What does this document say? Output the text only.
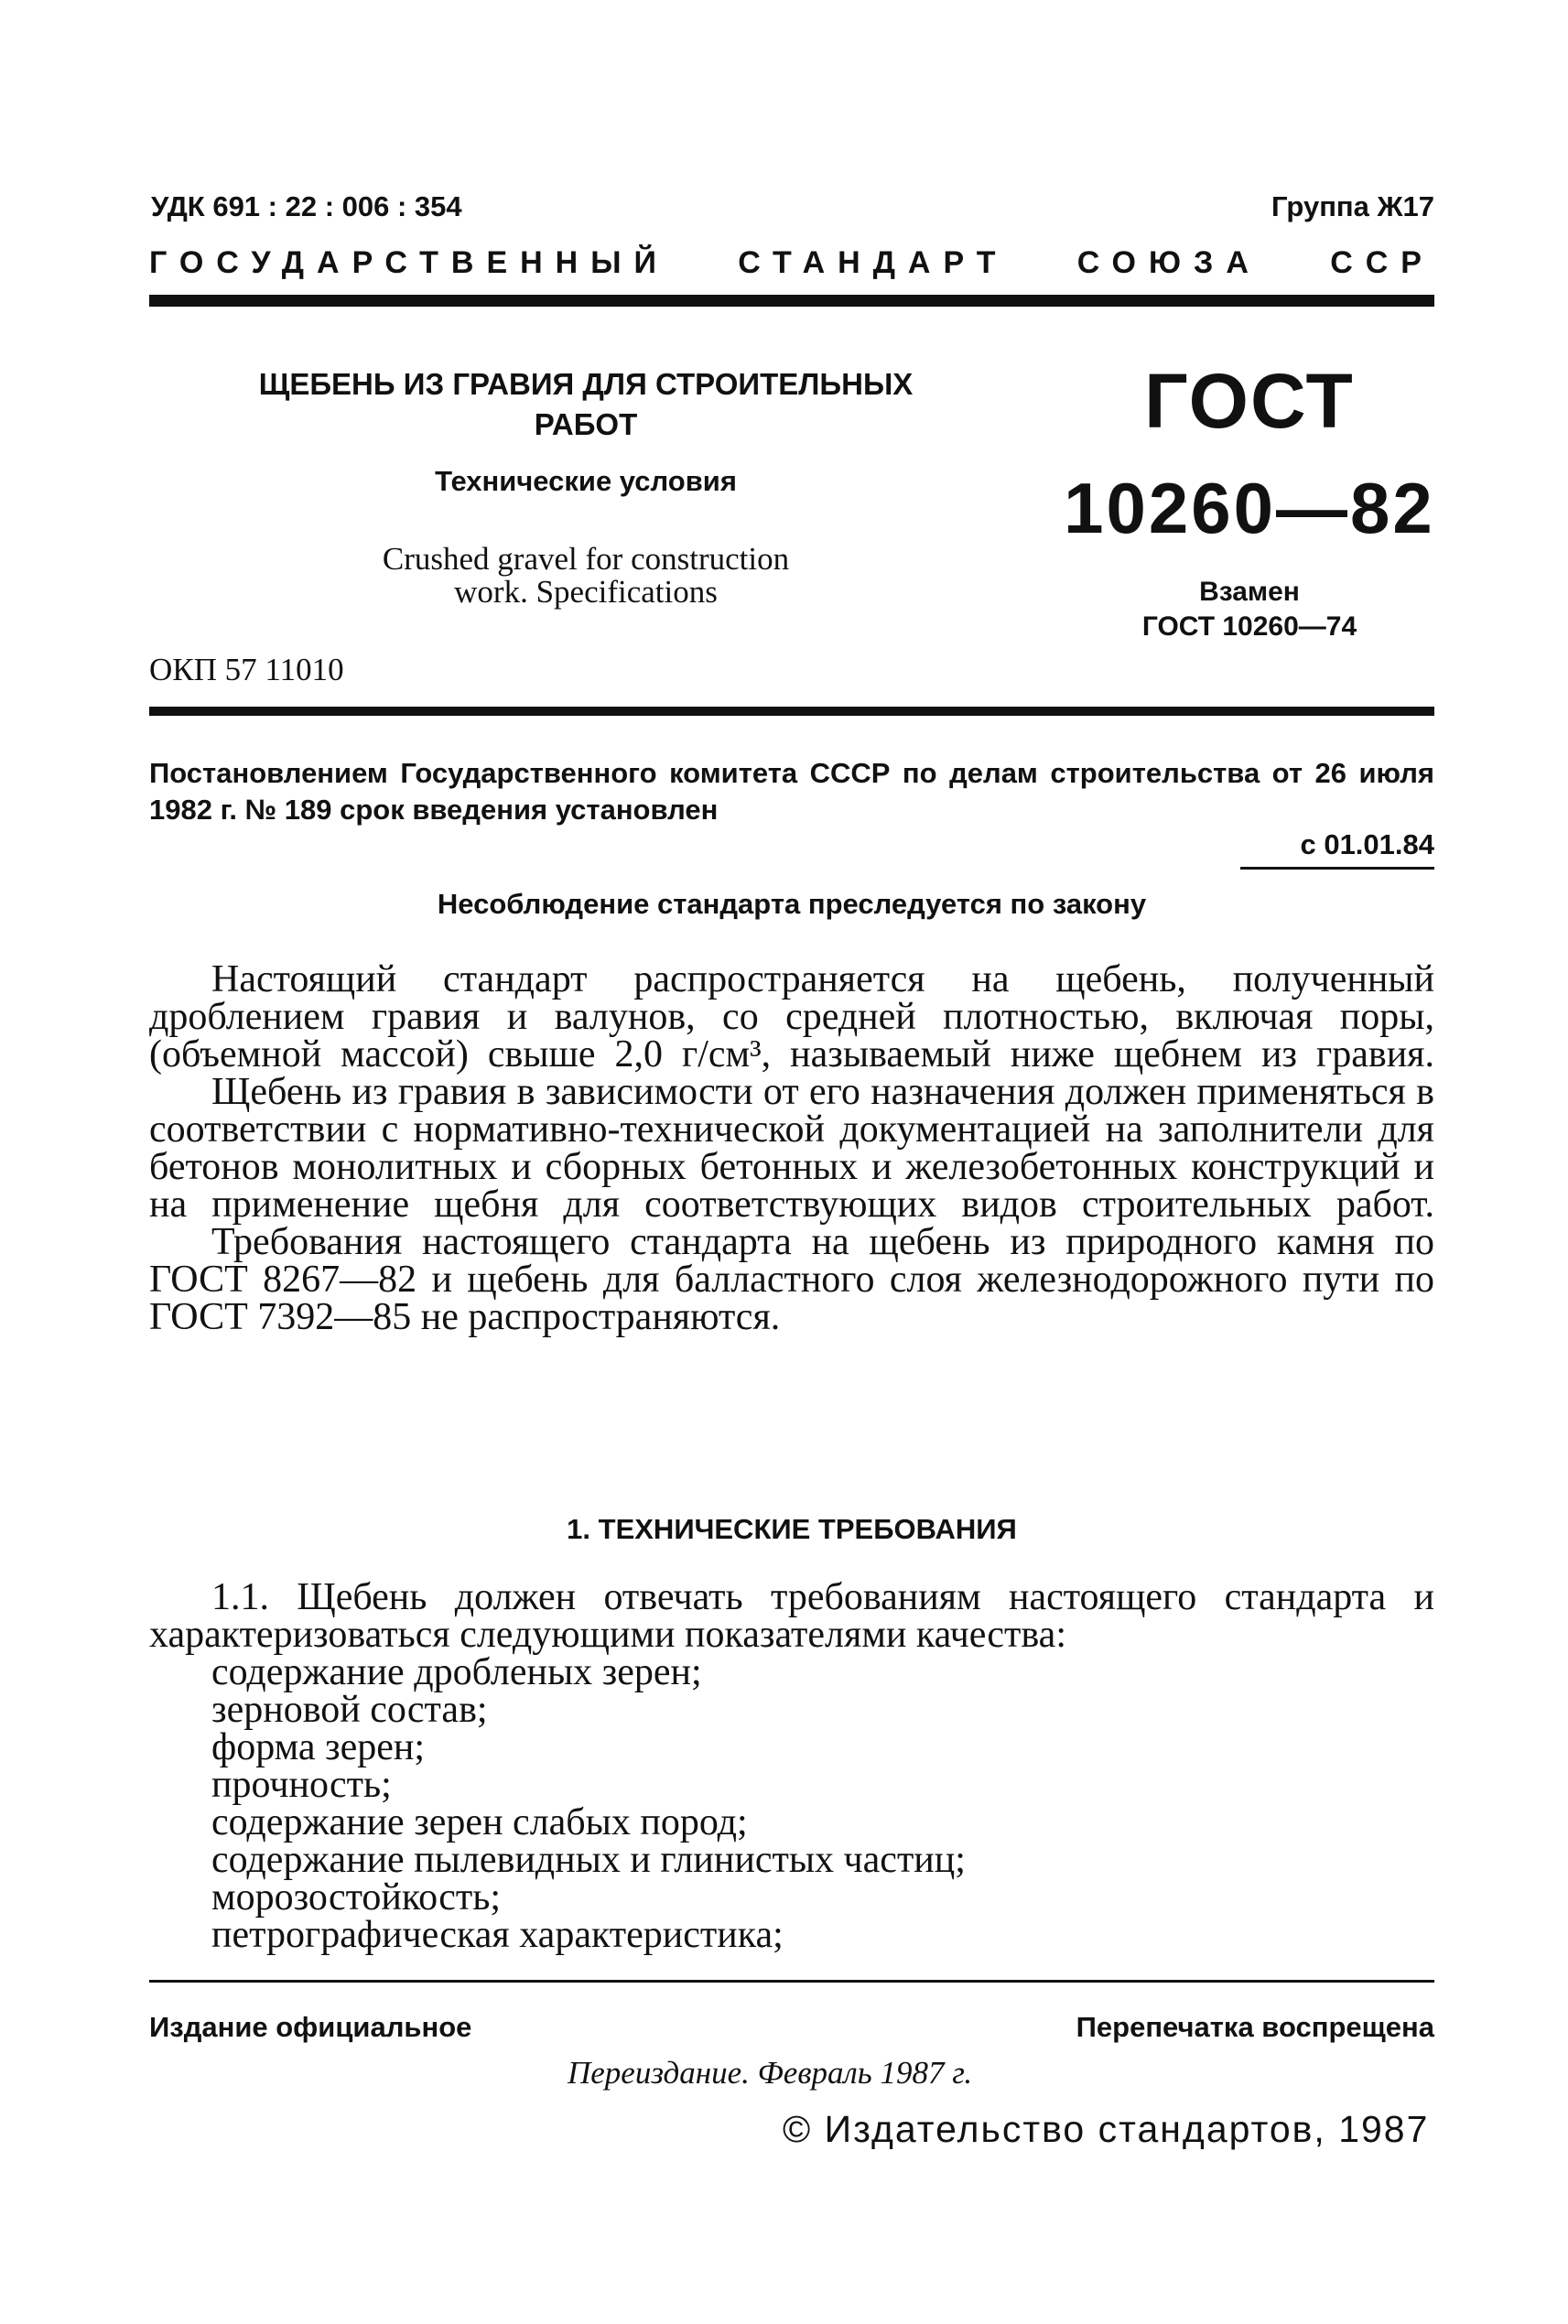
УДК 691 : 22 : 006 : 354	Группа Ж17
ГОСУДАРСТВЕННЫЙ СТАНДАРТ СОЮЗА ССР
ЩЕБЕНЬ ИЗ ГРАВИЯ ДЛЯ СТРОИТЕЛЬНЫХ
РАБОТ
Технические условия
Crushed gravel for construction
work. Specifications
ОКП 57 11010
ГОСТ
10260—82
Взамен
ГОСТ 10260—74
Постановлением Государственного комитета СССР по делам строительства от 26 июля 1982 г. № 189 срок введения установлен
с 01.01.84
Несоблюдение стандарта преследуется по закону

Настоящий стандарт распространяется на щебень, полученный дроблением гравия и валунов, со средней плотностью, включая поры, (объемной массой) свыше 2,0 г/см³, называемый ниже щебнем из гравия.

Щебень из гравия в зависимости от его назначения должен применяться в соответствии с нормативно-технической документацией на заполнители для бетонов монолитных и сборных бетонных и железобетонных конструкций и на применение щебня для соответствующих видов строительных работ.

Требования настоящего стандарта на щебень из природного камня по ГОСТ 8267—82 и щебень для балластного слоя железнодорожного пути по ГОСТ 7392—85 не распространяются.

1. ТЕХНИЧЕСКИЕ ТРЕБОВАНИЯ

1.1. Щебень должен отвечать требованиям настоящего стандарта и характеризоваться следующими показателями качества:

содержание дробленых зерен;
зерновой состав;
форма зерен;
прочность;
содержание зерен слабых пород;
содержание пылевидных и глинистых частиц;
морозостойкость;
петрографическая характеристика;
Издание официальное	Перепечатка воспрещена
Переиздание. Февраль 1987 г.
© Издательство стандартов, 1987
